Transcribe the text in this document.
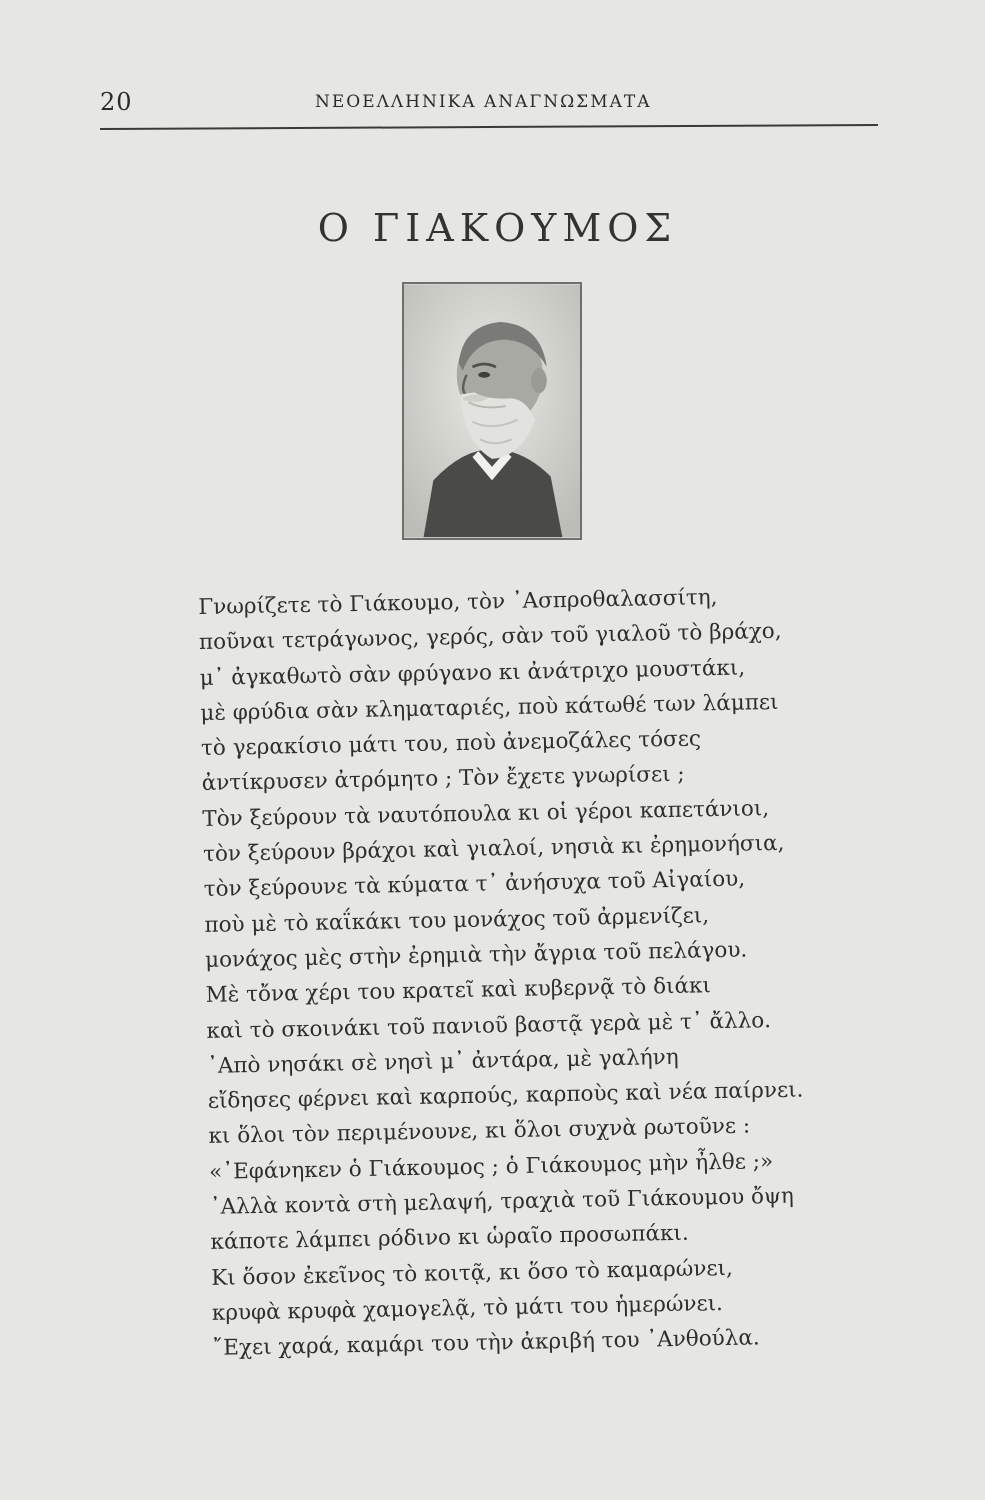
20	ΝΕΟΕΛΛΗΝΙΚΑ ΑΝΑΓΝΩΣΜΑΤΑ
Ο ΓΙΑΚΟΥΜΟΣ
Γνωρίζετε τὸ Γιάκουμο, τὸν ᾿Ασπροθαλασσίτη,
ποῦναι τετράγωνος, γερός, σὰν τοῦ γιαλοῦ τὸ βράχο,
μ᾿ ἀγκαθωτὸ σὰν φρύγανο κι ἀνάτριχο μουστάκι,
μὲ φρύδια σὰν κληματαριές, ποὺ κάτωθέ των λάμπει
τὸ γερακίσιο μάτι του, ποὺ ἀνεμοζάλες τόσες
ἀντίκρυσεν ἀτρόμητο ; Τὸν ἔχετε γνωρίσει ;
Τὸν ξεύρουν τὰ ναυτόπουλα κι οἱ γέροι καπετάνιοι,
τὸν ξεύρουν βράχοι καὶ γιαλοί, νησιὰ κι ἐρημονήσια,
τὸν ξεύρουνε τὰ κύματα τ᾿ ἀνήσυχα τοῦ Αἰγαίου,
ποὺ μὲ τὸ καΐκάκι του μονάχος τοῦ ἀρμενίζει,
μονάχος μὲς στὴν ἐρημιὰ τὴν ἄγρια τοῦ πελάγου.
Μὲ τὄνα χέρι του κρατεῖ καὶ κυβερνᾷ τὸ διάκι
καὶ τὸ σκοινάκι τοῦ πανιοῦ βαστᾷ γερὰ μὲ τ᾿ ἄλλο.
᾿Απὸ νησάκι σὲ νησὶ μ᾿ ἀντάρα, μὲ γαλήνη
εἴδησες φέρνει καὶ καρπούς, καρποὺς καὶ νέα παίρνει.
κι ὅλοι τὸν περιμένουνε, κι ὅλοι συχνὰ ρωτοῦνε :
«᾿Εφάνηκεν ὁ Γιάκουμος ; ὁ Γιάκουμος μὴν ἦλθε ;»
᾿Αλλὰ κοντὰ στὴ μελαψή, τραχιὰ τοῦ Γιάκουμου ὄψη
κάποτε λάμπει ρόδινο κι ὡραῖο προσωπάκι.
Κι ὅσον ἐκεῖνος τὸ κοιτᾷ, κι ὅσο τὸ καμαρώνει,
κρυφὰ κρυφὰ χαμογελᾷ, τὸ μάτι του ἡμερώνει.
῎Εχει χαρά, καμάρι του τὴν ἀκριβή του ᾿Ανθούλα.
